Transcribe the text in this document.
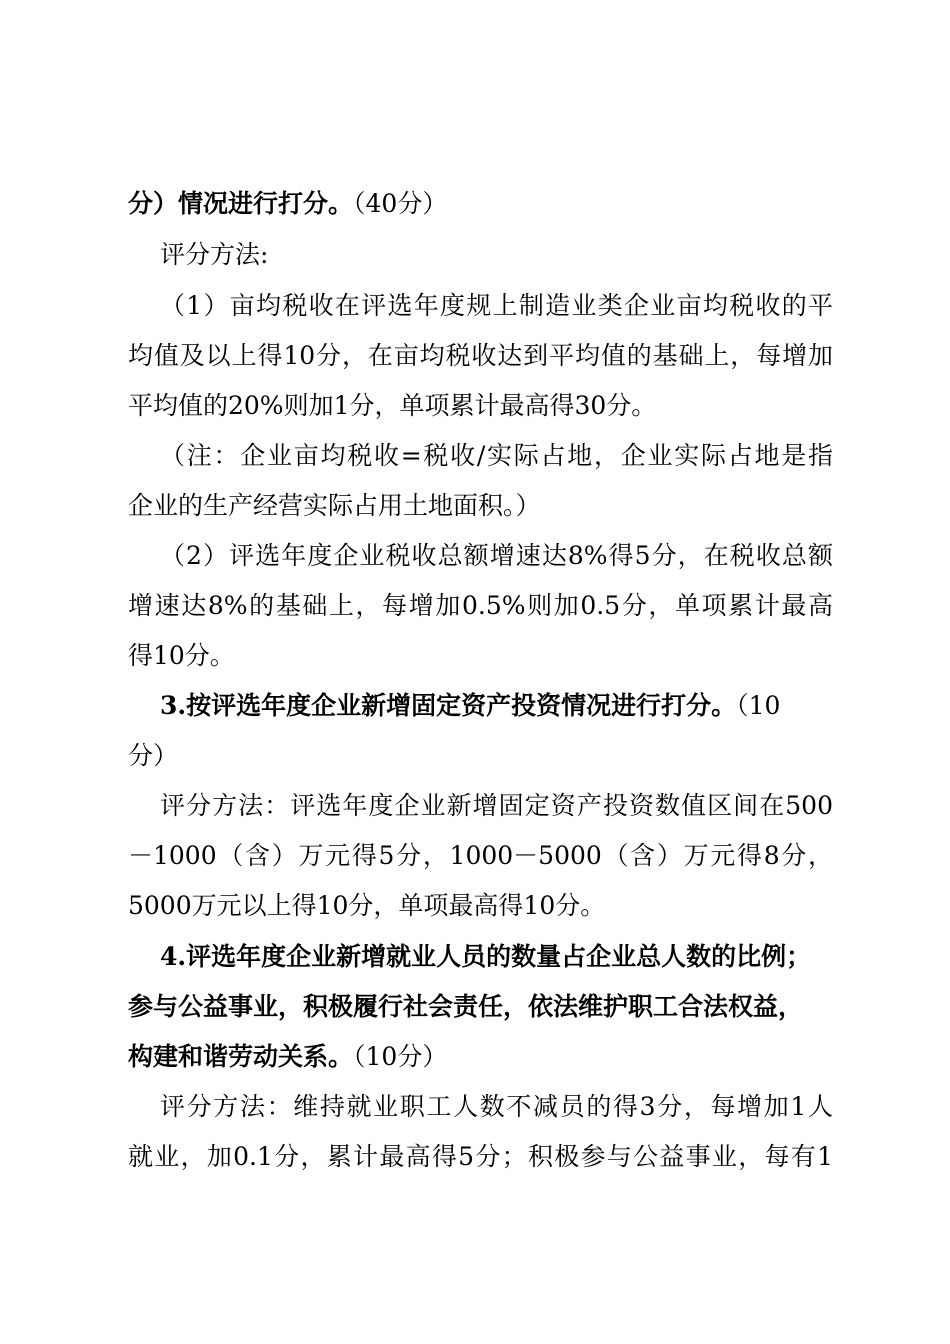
分）情况进行打分。（40分）
评分方法:
（1）亩均税收在评选年度规上制造业类企业亩均税收的平
均值及以上得10分，在亩均税收达到平均值的基础上，每增加
平均值的20%则加1分，单项累计最高得30分。
（注：企业亩均税收=税收/实际占地，企业实际占地是指
企业的生产经营实际占用土地面积。）
（2）评选年度企业税收总额增速达8%得5分，在税收总额
增速达8%的基础上，每增加0.5%则加0.5分，单项累计最高
得10分。
3.按评选年度企业新增固定资产投资情况进行打分。（10
分）
评分方法：评选年度企业新增固定资产投资数值区间在500
－1000（含）万元得5分，1000－5000（含）万元得8分，
5000万元以上得10分，单项最高得10分。
4.评选年度企业新增就业人员的数量占企业总人数的比例；
参与公益事业，积极履行社会责任，依法维护职工合法权益，
构建和谐劳动关系。（10分）
评分方法：维持就业职工人数不减员的得3分，每增加1人
就业，加0.1分，累计最高得5分；积极参与公益事业，每有1
